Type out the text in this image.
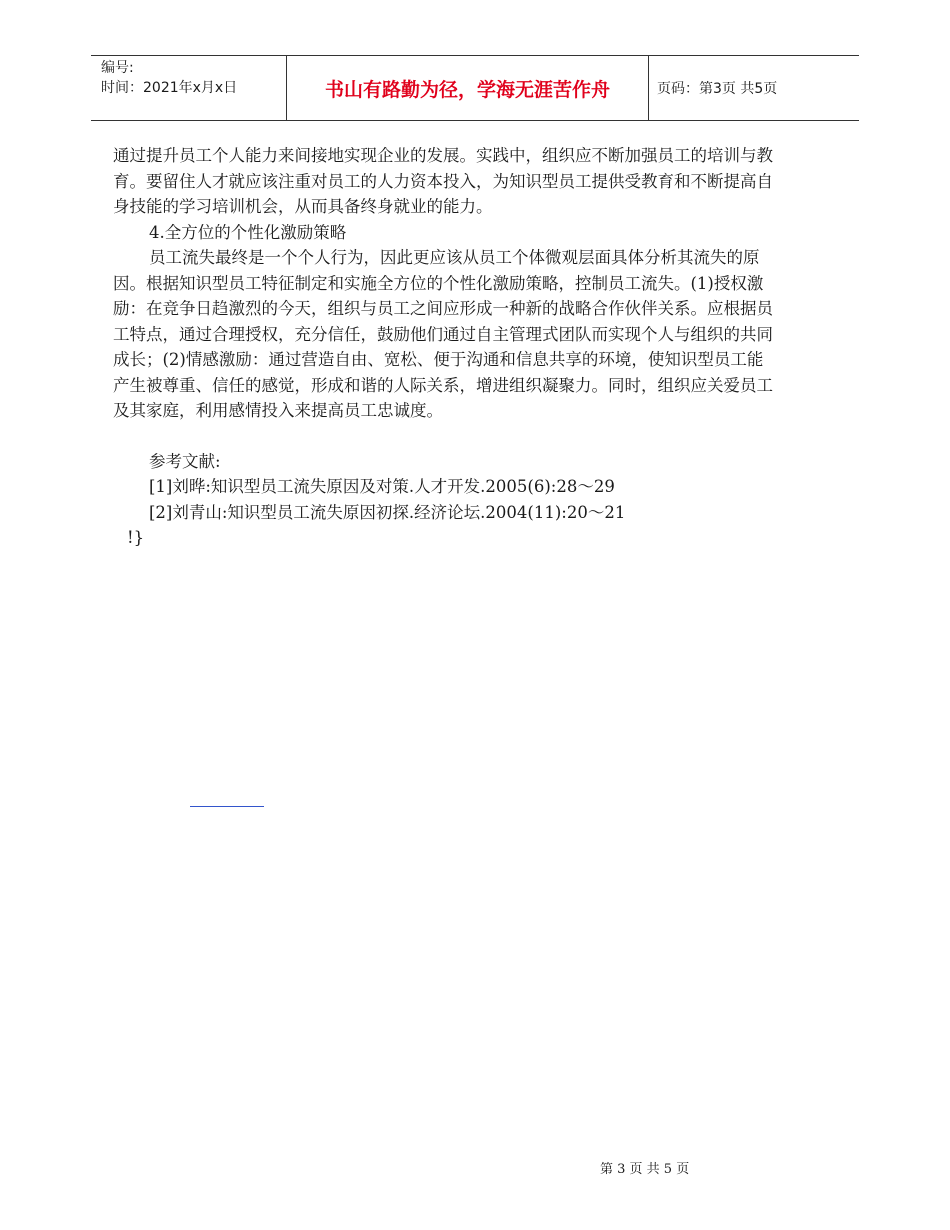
编号:
时间：2021年x月x日	书山有路勤为径，学海无涯苦作舟	页码：第3页 共5页

通过提升员工个人能力来间接地实现企业的发展。实践中，组织应不断加强员工的培训与教育。要留住人才就应该注重对员工的人力资本投入，为知识型员工提供受教育和不断提高自身技能的学习培训机会，从而具备终身就业的能力。

4.全方位的个性化激励策略

员工流失最终是一个个人行为，因此更应该从员工个体微观层面具体分析其流失的原因。根据知识型员工特征制定和实施全方位的个性化激励策略，控制员工流失。(1)授权激励：在竞争日趋激烈的今天，组织与员工之间应形成一种新的战略合作伙伴关系。应根据员工特点，通过合理授权，充分信任，鼓励他们通过自主管理式团队而实现个人与组织的共同成长；(2)情感激励：通过营造自由、宽松、便于沟通和信息共享的环境，使知识型员工能产生被尊重、信任的感觉，形成和谐的人际关系，增进组织凝聚力。同时，组织应关爱员工及其家庭，利用感情投入来提高员工忠诚度。

参考文献:

[1]刘晔:知识型员工流失原因及对策.人才开发.2005(6):28～29

[2]刘青山:知识型员工流失原因初探.经济论坛.2004(11):20～21

!}

第 3 页 共 5 页
